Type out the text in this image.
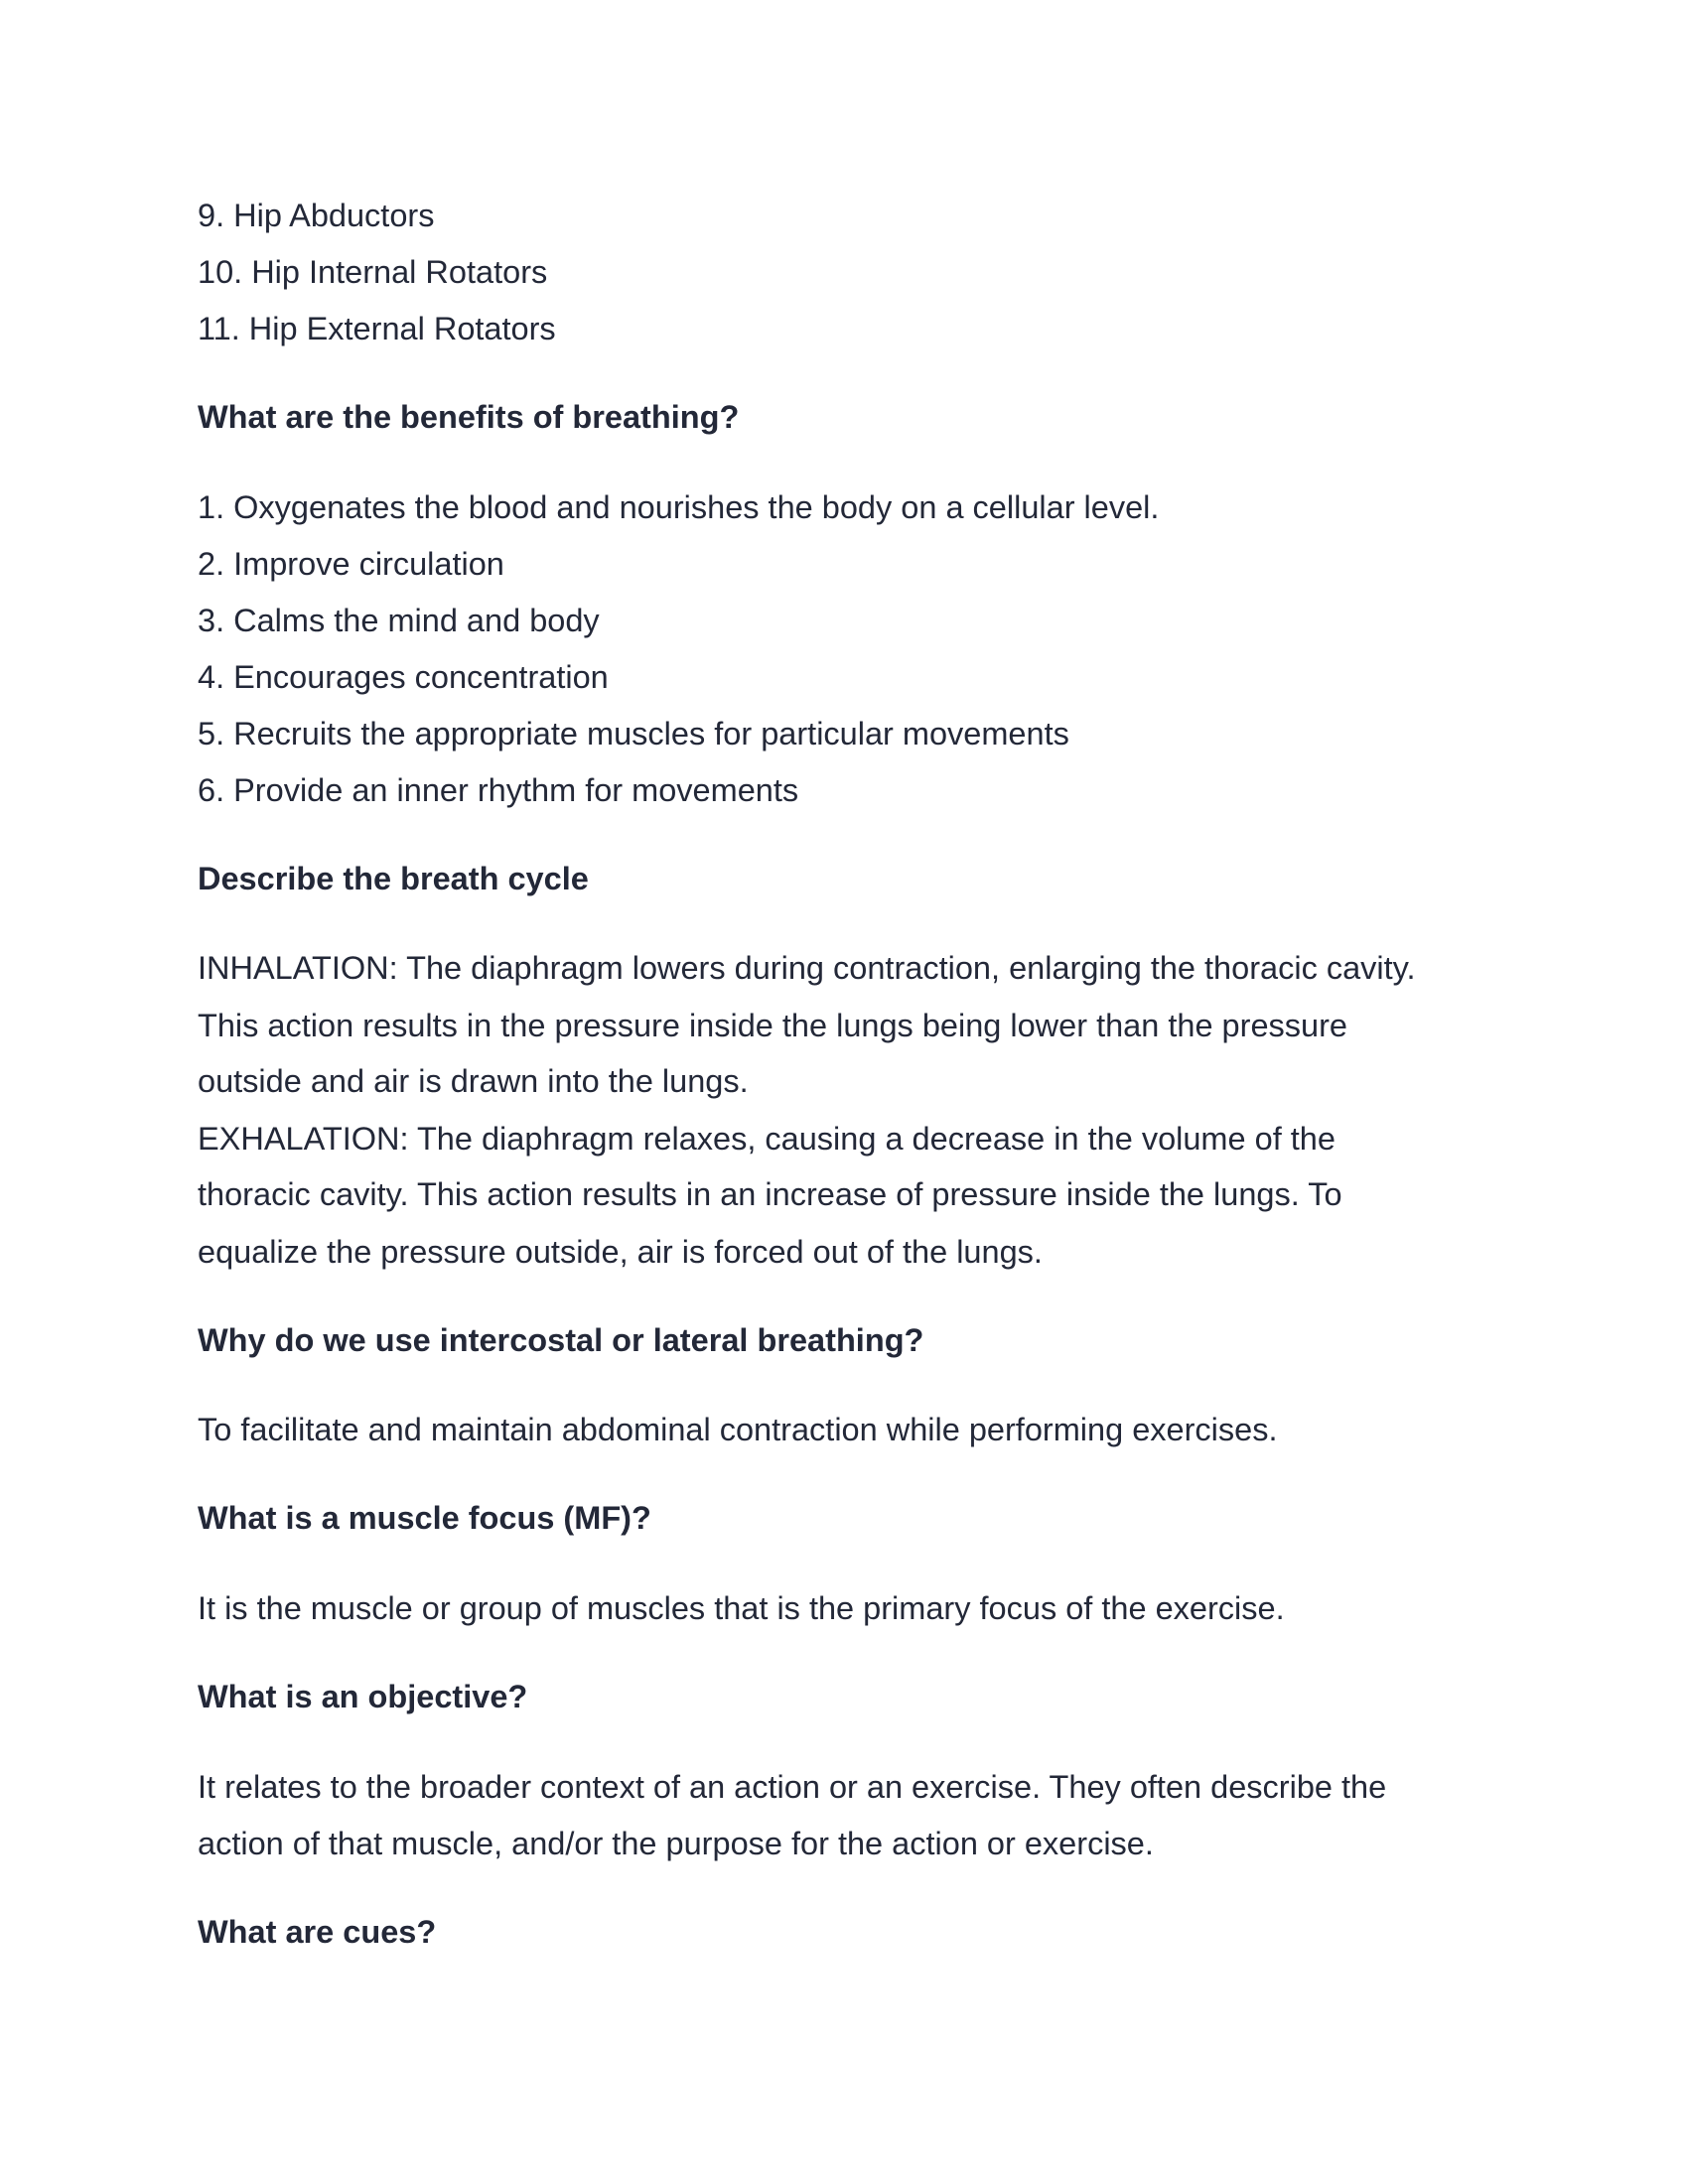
9. Hip Abductors
10. Hip Internal Rotators
11. Hip External Rotators
What are the benefits of breathing?
1. Oxygenates the blood and nourishes the body on a cellular level.
2. Improve circulation
3. Calms the mind and body
4. Encourages concentration
5. Recruits the appropriate muscles for particular movements
6. Provide an inner rhythm for movements
Describe the breath cycle
INHALATION: The diaphragm lowers during contraction, enlarging the thoracic cavity.
This action results in the pressure inside the lungs being lower than the pressure
outside and air is drawn into the lungs.
EXHALATION: The diaphragm relaxes, causing a decrease in the volume of the
thoracic cavity. This action results in an increase of pressure inside the lungs. To
equalize the pressure outside, air is forced out of the lungs.
Why do we use intercostal or lateral breathing?
To facilitate and maintain abdominal contraction while performing exercises.
What is a muscle focus (MF)?
It is the muscle or group of muscles that is the primary focus of the exercise.
What is an objective?
It relates to the broader context of an action or an exercise. They often describe the
action of that muscle, and/or the purpose for the action or exercise.
What are cues?
